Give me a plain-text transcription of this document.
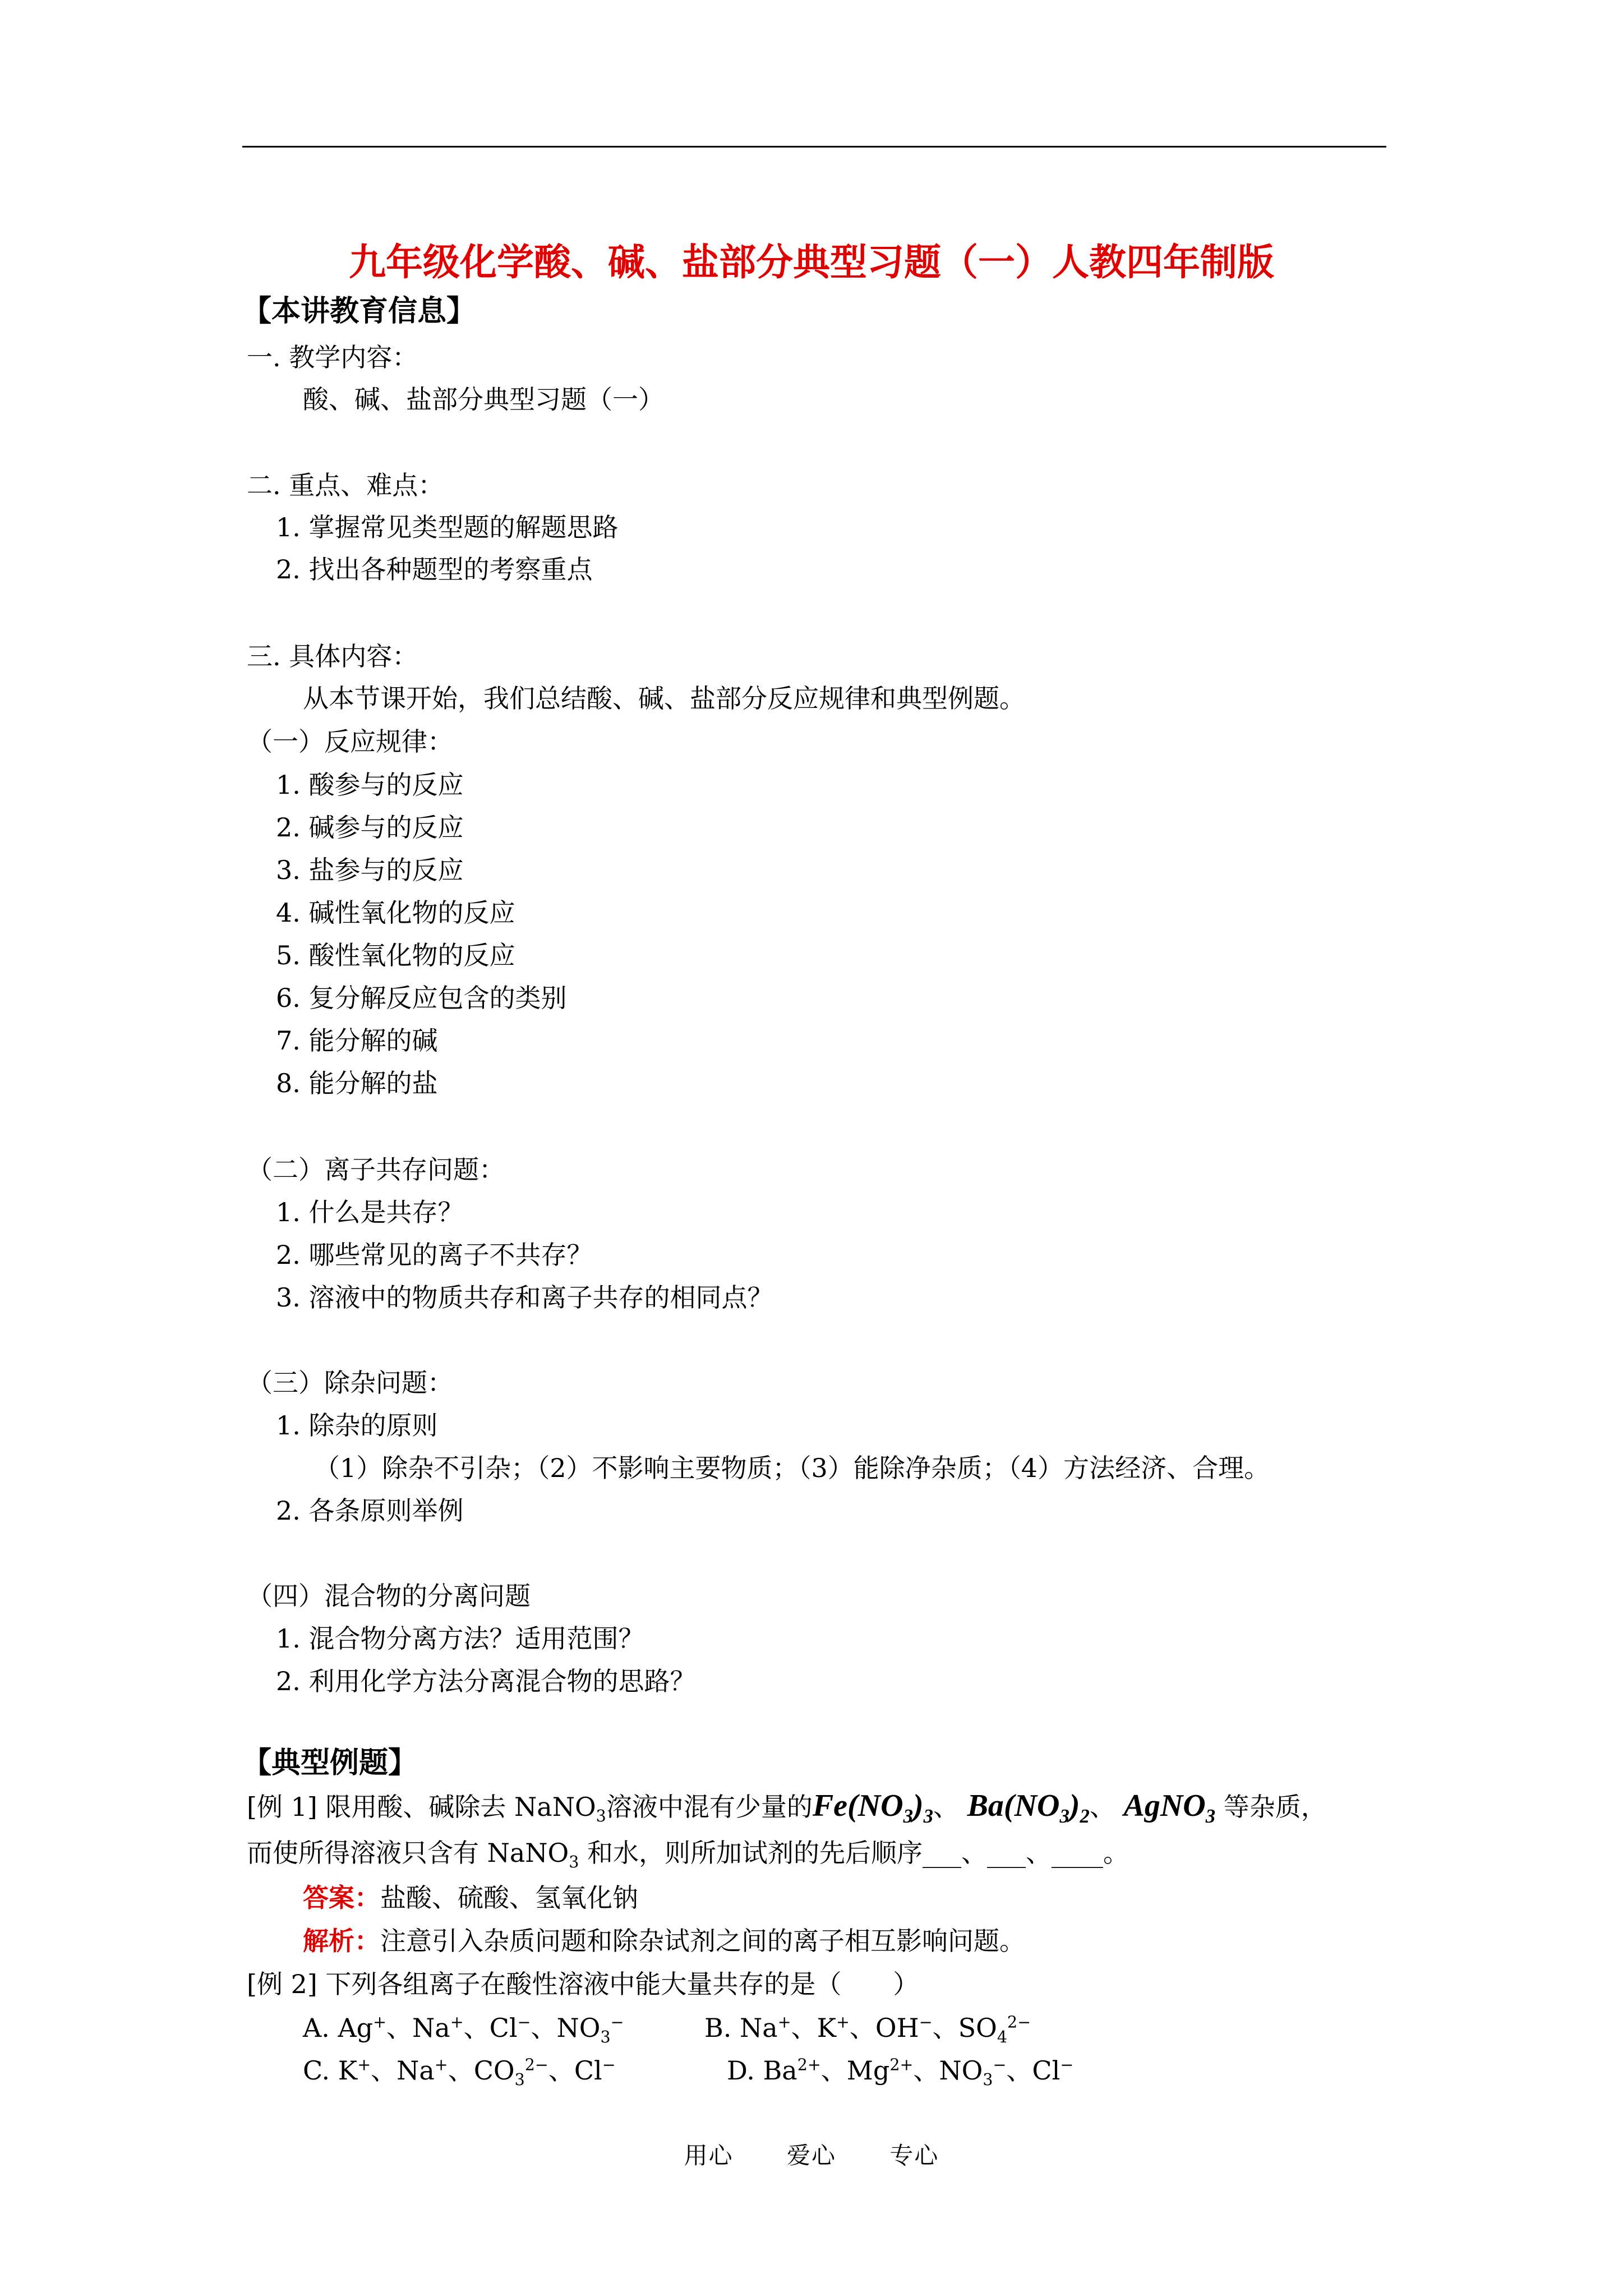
九年级化学酸、碱、盐部分典型习题（一）人教四年制版
【本讲教育信息】
一. 教学内容：
酸、碱、盐部分典型习题（一）
二. 重点、难点：
1. 掌握常见类型题的解题思路
2. 找出各种题型的考察重点
三. 具体内容：
从本节课开始，我们总结酸、碱、盐部分反应规律和典型例题。
（一）反应规律：
1. 酸参与的反应
2. 碱参与的反应
3. 盐参与的反应
4. 碱性氧化物的反应
5. 酸性氧化物的反应
6. 复分解反应包含的类别
7. 能分解的碱
8. 能分解的盐
（二）离子共存问题：
1. 什么是共存？
2. 哪些常见的离子不共存？
3. 溶液中的物质共存和离子共存的相同点？
（三）除杂问题：
1. 除杂的原则
（1）除杂不引杂；（2）不影响主要物质；（3）能除净杂质；（4）方法经济、合理。
2. 各条原则举例
（四）混合物的分离问题
1. 混合物分离方法？适用范围？
2. 利用化学方法分离混合物的思路？
【典型例题】
[例 1] 限用酸、碱除去 NaNO$_3$溶液中混有少量的$Fe(NO_3)_3$、 $Ba(NO_3)_2$、 AgNO$_3$ 等杂质，
而使所得溶液只含有 NaNO$_3$ 和水，则所加试剂的先后顺序___、___、____。
答案：盐酸、硫酸、氢氧化钠
解析：注意引入杂质问题和除杂试剂之间的离子相互影响问题。
[例 2] 下列各组离子在酸性溶液中能大量共存的是（　　）
A. Ag+、Na+、Cl−、$NO_3^-$	B. Na+、K+、OH−、$SO_4^{2-}$
C. K+、Na+、$CO_3^{2-}$、Cl−	D. $Ba^{2+}$、$Mg^{2+}$、$NO_3^-$、Cl−
用心 爱心 专心
